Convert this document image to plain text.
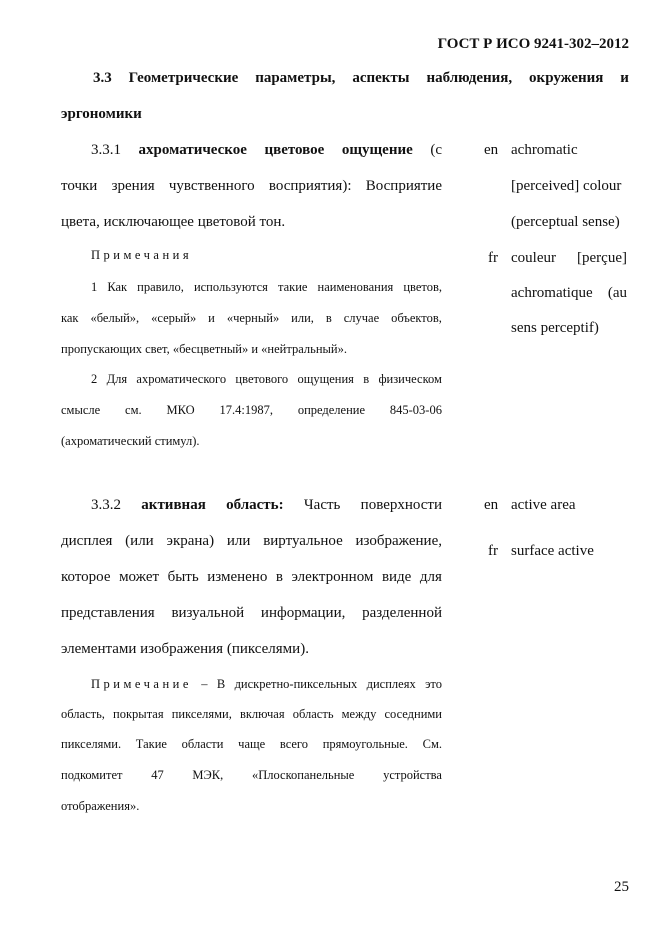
ГОСТ Р ИСО 9241-302–2012
3.3 Геометрические параметры, аспекты наблюдения, окружения и
эргономики
3.3.1 ахроматическое цветовое ощущение (с
точки зрения чувственного восприятия): Восприятие
цвета, исключающее цветовой тон.
Примечания
1 Как правило, используются такие наименования цветов,
как «белый», «серый» и «черный» или, в случае объектов,
пропускающих свет, «бесцветный» и «нейтральный».
2 Для ахроматического цветового ощущения в физическом
смысле см. МКО 17.4:1987, определение 845-03-06
(ахроматический стимул).
en achromatic
[perceived] colour
(perceptual sense)
fr couleur [perçue]
achromatique (au
sens perceptif)
3.3.2 активная область: Часть поверхности
дисплея (или экрана) или виртуальное изображение,
которое может быть изменено в электронном виде для
представления визуальной информации, разделенной
элементами изображения (пикселями).
Примечание – В дискретно-пиксельных дисплеях это
область, покрытая пикселями, включая область между соседними
пикселями. Такие области чаще всего прямоугольные. См.
подкомитет 47 МЭК, «Плоскопанельные устройства
отображения».
en active area
fr surface active
25
